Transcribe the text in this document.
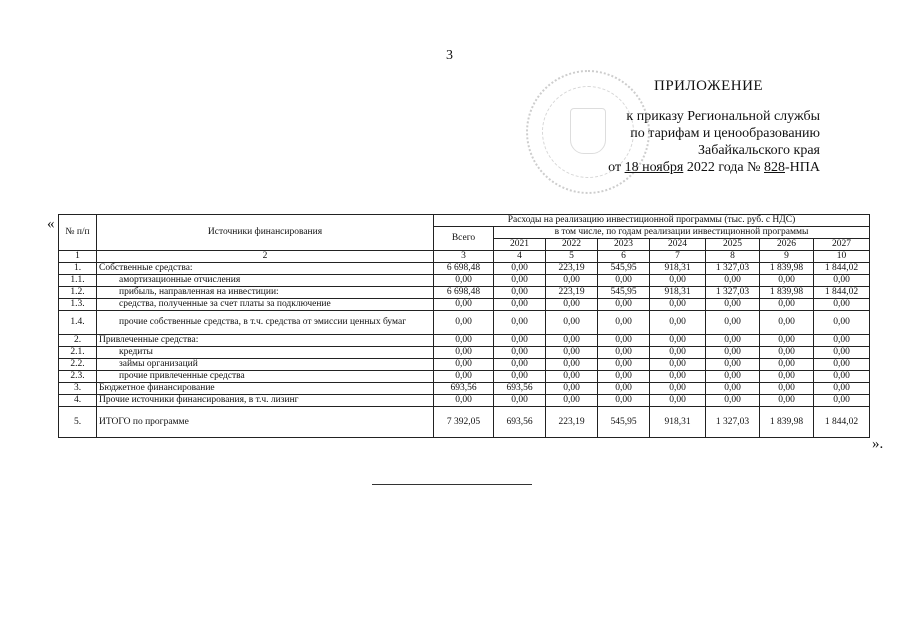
3
ПРИЛОЖЕНИЕ
к приказу Региональной службы
по тарифам и ценообразованию
Забайкальского края
от 18 ноября 2022 года № 828-НПА
« № п/п	Источники финансирования	Расходы на реализацию инвестиционной программы (тыс. руб. с НДС)							
		Всего	в том числе, по годам реализации инвестиционной программы						
			2021	2022	2023	2024	2025	2026	2027
1	2	3	4	5	6	7	8	9	10
1.	Собственные средства:	6 698,48	0,00	223,19	545,95	918,31	1 327,03	1 839,98	1 844,02
1.1.	амортизационные отчисления	0,00	0,00	0,00	0,00	0,00	0,00	0,00	0,00
1.2.	прибыль, направленная на инвестиции:	6 698,48	0,00	223,19	545,95	918,31	1 327,03	1 839,98	1 844,02
1.3.	средства, полученные за счет платы за подключение	0,00	0,00	0,00	0,00	0,00	0,00	0,00	0,00
1.4.	прочие собственные средства, в т.ч. средства от эмиссии ценных бумаг	0,00	0,00	0,00	0,00	0,00	0,00	0,00	0,00
2.	Привлеченные средства:	0,00	0,00	0,00	0,00	0,00	0,00	0,00	0,00
2.1.	кредиты	0,00	0,00	0,00	0,00	0,00	0,00	0,00	0,00
2.2.	займы организаций	0,00	0,00	0,00	0,00	0,00	0,00	0,00	0,00
2.3.	прочие привлеченные средства	0,00	0,00	0,00	0,00	0,00	0,00	0,00	0,00
3.	Бюджетное финансирование	693,56	693,56	0,00	0,00	0,00	0,00	0,00	0,00
4.	Прочие источники финансирования, в т.ч. лизинг	0,00	0,00	0,00	0,00	0,00	0,00	0,00	0,00
5.	ИТОГО по программе	7 392,05	693,56	223,19	545,95	918,31	1 327,03	1 839,98	1 844,02
».
